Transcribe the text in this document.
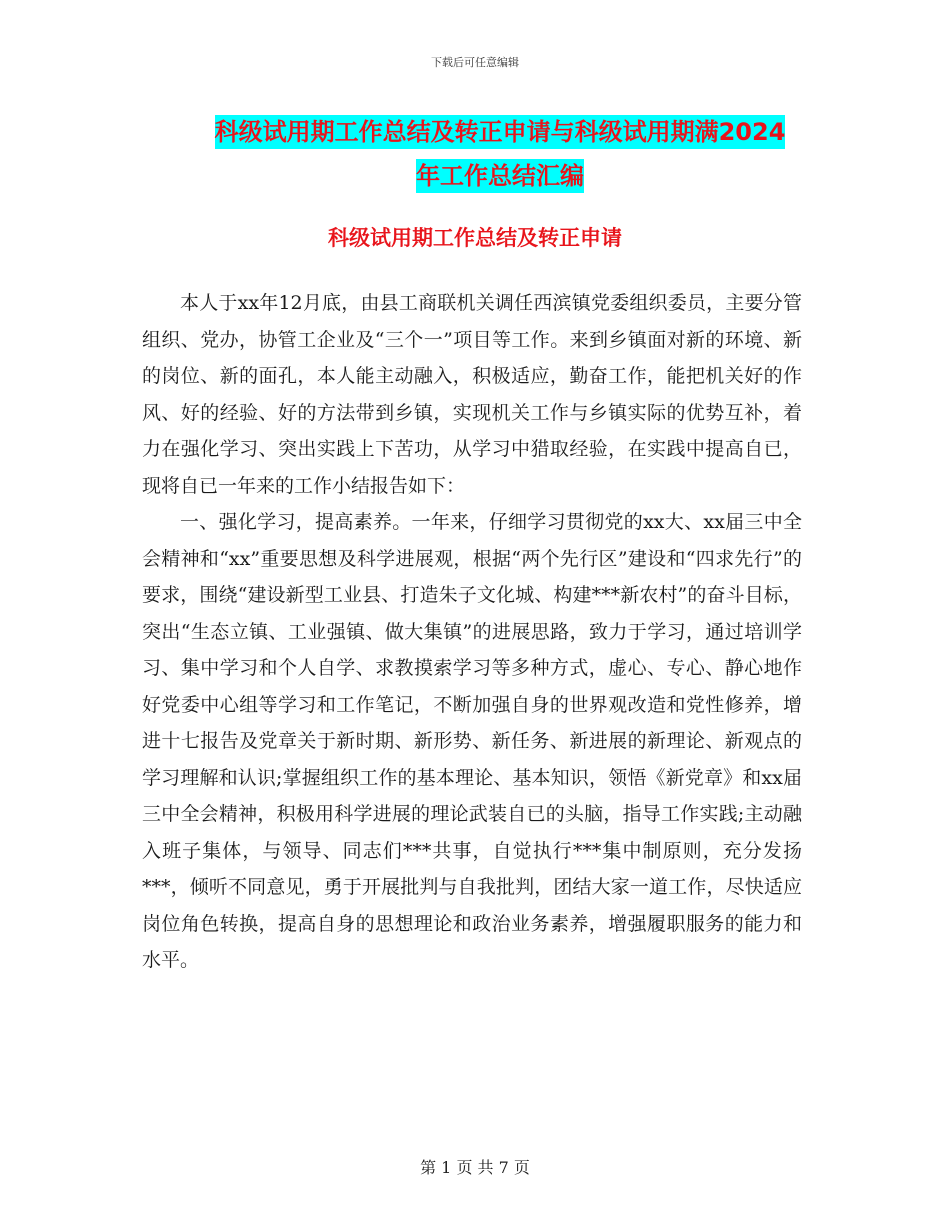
下载后可任意编辑
科级试用期工作总结及转正申请与科级试用期满2024
年工作总结汇编
科级试用期工作总结及转正申请

本人于xx年12月底，由县工商联机关调任西滨镇党委组织委员，主要分管组织、党办，协管工企业及“三个一”项目等工作。来到乡镇面对新的环境、新的岗位、新的面孔，本人能主动融入，积极适应，勤奋工作，能把机关好的作风、好的经验、好的方法带到乡镇，实现机关工作与乡镇实际的优势互补，着力在强化学习、突出实践上下苦功，从学习中猎取经验，在实践中提高自已，现将自已一年来的工作小结报告如下：

一、强化学习，提高素养。一年来，仔细学习贯彻党的xx大、xx届三中全会精神和“xx”重要思想及科学进展观，根据“两个先行区”建设和“四求先行”的要求，围绕“建设新型工业县、打造朱子文化城、构建***新农村”的奋斗目标，突出“生态立镇、工业强镇、做大集镇”的进展思路，致力于学习，通过培训学习、集中学习和个人自学、求教摸索学习等多种方式，虚心、专心、静心地作好党委中心组等学习和工作笔记，不断加强自身的世界观改造和党性修养，增进十七报告及党章关于新时期、新形势、新任务、新进展的新理论、新观点的学习理解和认识;掌握组织工作的基本理论、基本知识，领悟《新党章》和xx届三中全会精神，积极用科学进展的理论武装自已的头脑，指导工作实践;主动融入班子集体，与领导、同志们***共事，自觉执行***集中制原则，充分发扬***，倾听不同意见，勇于开展批判与自我批判，团结大家一道工作，尽快适应岗位角色转换，提高自身的思想理论和政治业务素养，增强履职服务的能力和水平。

第 1 页 共 7 页
